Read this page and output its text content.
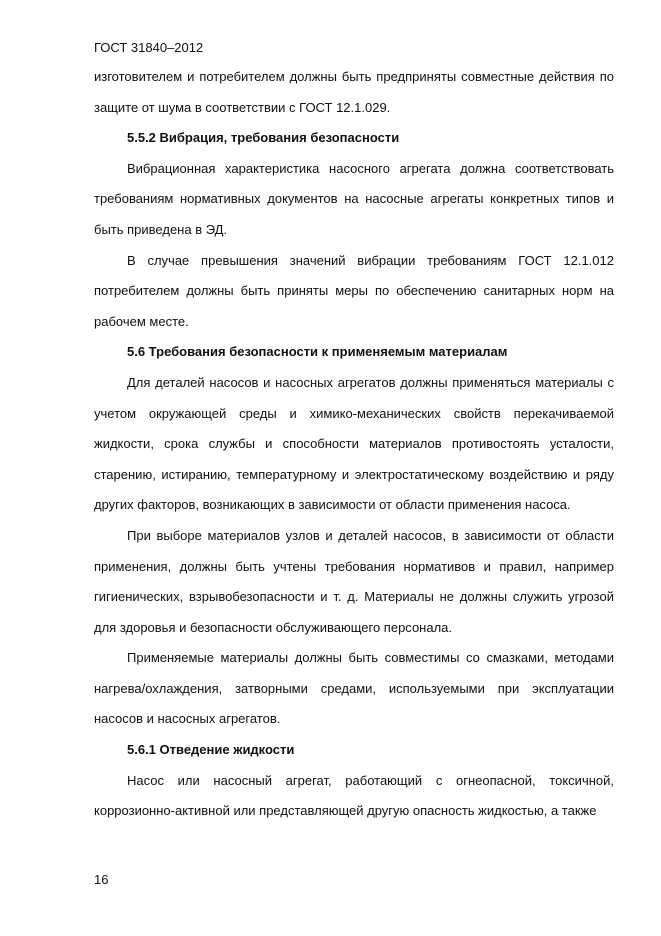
ГОСТ 31840–2012

изготовителем и потребителем должны быть предприняты совместные действия по защите от шума в соответствии с ГОСТ 12.1.029.

5.5.2 Вибрация, требования безопасности

Вибрационная характеристика насосного агрегата должна соответствовать требованиям нормативных документов на насосные агрегаты конкретных типов и быть приведена в ЭД.

В случае превышения значений вибрации требованиям ГОСТ 12.1.012 потребителем должны быть приняты меры по обеспечению санитарных норм на рабочем месте.

5.6 Требования безопасности к применяемым материалам

Для деталей насосов и насосных агрегатов должны применяться материалы с учетом окружающей среды и химико-механических свойств перекачиваемой жидкости, срока службы и способности материалов противостоять усталости, старению, истиранию, температурному и электростатическому воздействию и ряду других факторов, возникающих в зависимости от области применения насоса.

При выборе материалов узлов и деталей насосов, в зависимости от области применения, должны быть учтены требования нормативов и правил, например гигиенических, взрывобезопасности и т. д. Материалы не должны служить угрозой для здоровья и безопасности обслуживающего персонала.

Применяемые материалы должны быть совместимы со смазками, методами нагрева/охлаждения, затворными средами, используемыми при эксплуатации насосов и насосных агрегатов.

5.6.1 Отведение жидкости

Насос или насосный агрегат, работающий с огнеопасной, токсичной, коррозионно-активной или представляющей другую опасность жидкостью, а также

16
